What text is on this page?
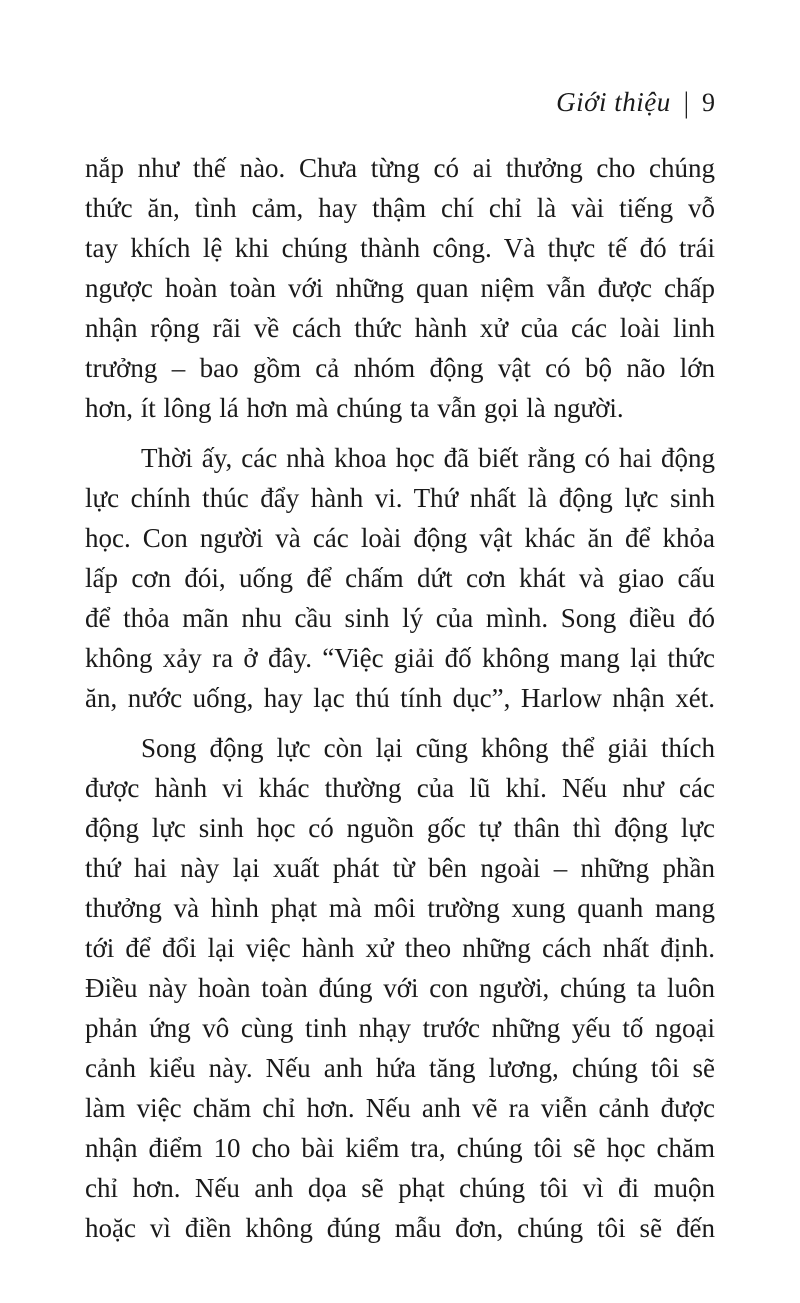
Giới thiệu | 9
nắp như thế nào. Chưa từng có ai thưởng cho chúng
thức ăn, tình cảm, hay thậm chí chỉ là vài tiếng vỗ
tay khích lệ khi chúng thành công. Và thực tế đó trái
ngược hoàn toàn với những quan niệm vẫn được chấp
nhận rộng rãi về cách thức hành xử của các loài linh
trưởng – bao gồm cả nhóm động vật có bộ não lớn
hơn, ít lông lá hơn mà chúng ta vẫn gọi là người.
Thời ấy, các nhà khoa học đã biết rằng có hai động
lực chính thúc đẩy hành vi. Thứ nhất là động lực sinh
học. Con người và các loài động vật khác ăn để khỏa
lấp cơn đói, uống để chấm dứt cơn khát và giao cấu
để thỏa mãn nhu cầu sinh lý của mình. Song điều đó
không xảy ra ở đây. “Việc giải đố không mang lại thức
ăn, nước uống, hay lạc thú tính dục”, Harlow nhận xét.
Song động lực còn lại cũng không thể giải thích
được hành vi khác thường của lũ khỉ. Nếu như các
động lực sinh học có nguồn gốc tự thân thì động lực
thứ hai này lại xuất phát từ bên ngoài – những phần
thưởng và hình phạt mà môi trường xung quanh mang
tới để đổi lại việc hành xử theo những cách nhất định.
Điều này hoàn toàn đúng với con người, chúng ta luôn
phản ứng vô cùng tinh nhạy trước những yếu tố ngoại
cảnh kiểu này. Nếu anh hứa tăng lương, chúng tôi sẽ
làm việc chăm chỉ hơn. Nếu anh vẽ ra viễn cảnh được
nhận điểm 10 cho bài kiểm tra, chúng tôi sẽ học chăm
chỉ hơn. Nếu anh dọa sẽ phạt chúng tôi vì đi muộn
hoặc vì điền không đúng mẫu đơn, chúng tôi sẽ đến
